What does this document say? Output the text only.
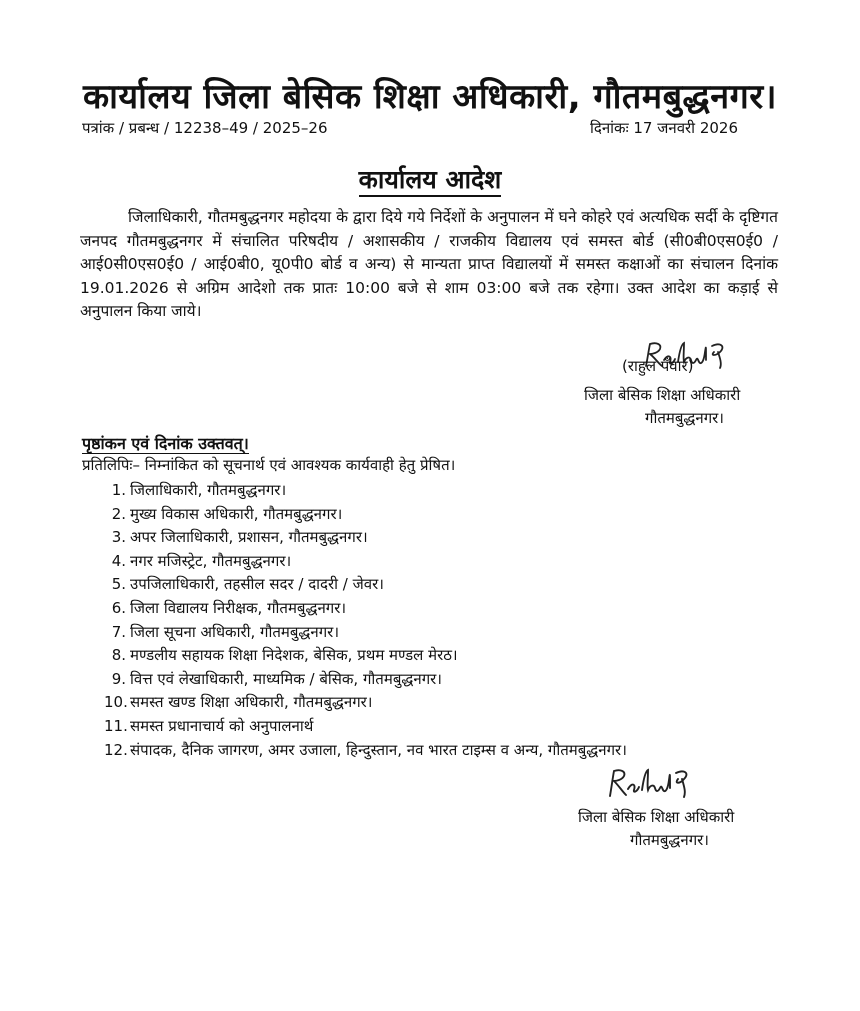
कार्यालय जिला बेसिक शिक्षा अधिकारी, गौतमबुद्धनगर।
पत्रांक / प्रबन्ध / 12238–49 / 2025–26	दिनांकः 17 जनवरी 2026
कार्यालय आदेश
जिलाधिकारी, गौतमबुद्धनगर महोदया के द्वारा दिये गये निर्देशों के अनुपालन में घने कोहरे एवं अत्यधिक सर्दी के दृष्टिगत जनपद गौतमबुद्धनगर में संचालित परिषदीय / अशासकीय / राजकीय विद्यालय एवं समस्त बोर्ड (सी0बी0एस0ई0 / आई0सी0एस0ई0 / आई0बी0, यू0पी0 बोर्ड व अन्य) से मान्यता प्राप्त विद्यालयों में समस्त कक्षाओं का संचालन दिनांक 19.01.2026 से अग्रिम आदेशो तक प्रातः 10:00 बजे से शाम 03:00 बजे तक रहेगा। उक्त आदेश का कड़ाई से अनुपालन किया जाये।
(राहुल पँवार)
जिला बेसिक शिक्षा अधिकारी
गौतमबुद्धनगर।
पृष्ठांकन एवं दिनांक उक्तवत्।
प्रतिलिपिः– निम्नांकित को सूचनार्थ एवं आवश्यक कार्यवाही हेतु प्रेषित।
1. जिलाधिकारी, गौतमबुद्धनगर।
2. मुख्य विकास अधिकारी, गौतमबुद्धनगर।
3. अपर जिलाधिकारी, प्रशासन, गौतमबुद्धनगर।
4. नगर मजिस्ट्रेट, गौतमबुद्धनगर।
5. उपजिलाधिकारी, तहसील सदर / दादरी / जेवर।
6. जिला विद्यालय निरीक्षक, गौतमबुद्धनगर।
7. जिला सूचना अधिकारी, गौतमबुद्धनगर।
8. मण्डलीय सहायक शिक्षा निदेशक, बेसिक, प्रथम मण्डल मेरठ।
9. वित्त एवं लेखाधिकारी, माध्यमिक / बेसिक, गौतमबुद्धनगर।
10. समस्त खण्ड शिक्षा अधिकारी, गौतमबुद्धनगर।
11. समस्त प्रधानाचार्य को अनुपालनार्थ
12. संपादक, दैनिक जागरण, अमर उजाला, हिन्दुस्तान, नव भारत टाइम्स व अन्य, गौतमबुद्धनगर।
जिला बेसिक शिक्षा अधिकारी
गौतमबुद्धनगर।
